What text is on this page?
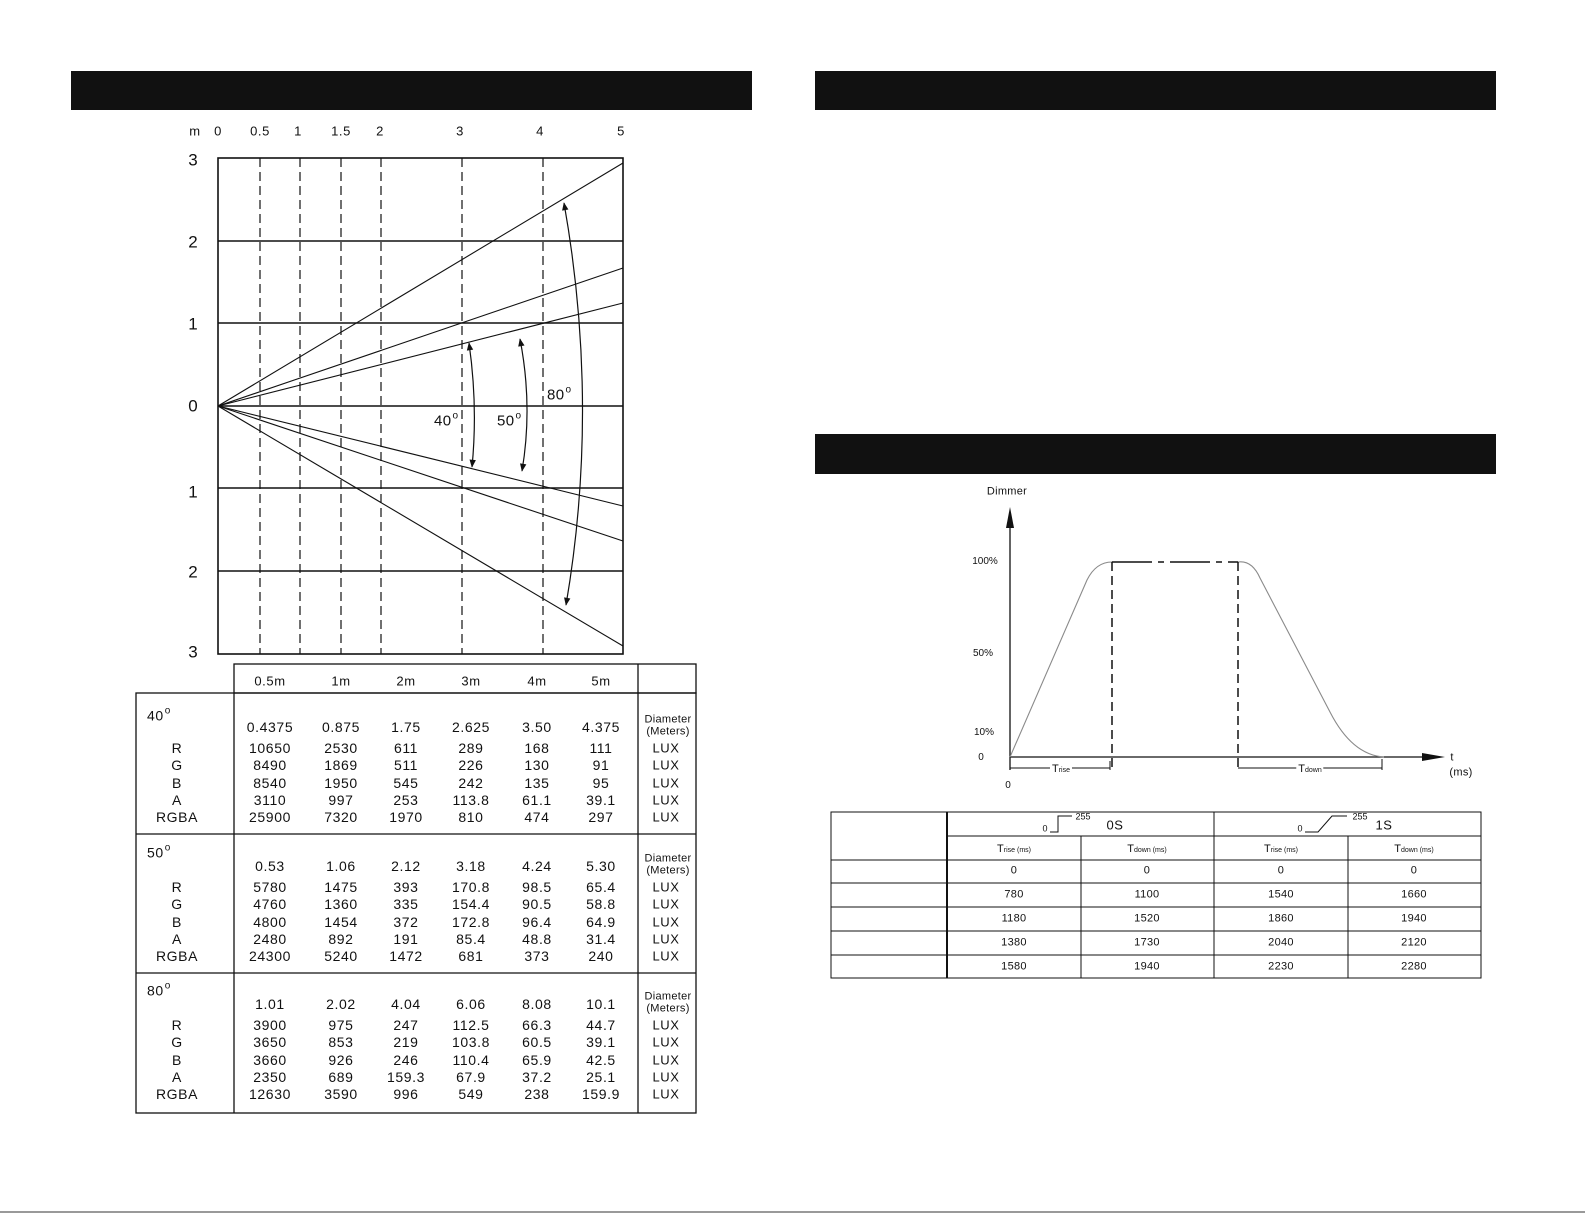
m 0 0.5 1 1.5 2	3	4	5
3
2
1
0
1
2
3
40$^o$	50$^o$
80$^o$
0.5m	1m	2m	3m	4m	5m
40$^o$
0.4375 0.875 1.75 2.625 3.50 4.375 Diameter
(Meters)
R	10650 2530	611	289	168	111	LUX
G	8490	1869	511	226	130	91	LUX
B	8540	1950	545	242	135	95	LUX
A	3110	997	253 113.8 61.1 39.1	LUX
RGBA	25900 7320 1970	810	474	297	LUX
50$^o$
0.53	1.06	2.12	3.18	4.24 5.30	Diameter
(Meters)
R	5780	1475	393 170.8 98.5 65.4	LUX
G	4760	1360	335 154.4 90.5 58.8	LUX
B	4800	1454	372 172.8 96.4 64.9	LUX
A	2480	892	191	85.4	48.8 31.4	LUX
RGBA	24300 5240 1472	681	373	240	LUX
80$^o$
1.01	2.02	4.04	6.06	8.08 10.1	Diameter
(Meters)
R	3900	975	247 112.5 66.3 44.7	LUX
G	3650	853	219 103.8 60.5 39.1	LUX
B	3660	926	246 110.4 65.9 42.5	LUX
A	2350	689 159.3 67.9	37.2 25.1	LUX
RGBA	12630 3590	996	549	238 159.9 LUX
Dimmer
100%
50%
10%
0
0
t
(ms)
Trise	Tdown
0
255
0S	0
255
1S
Trise (ms)	Tdown (ms)	Trise (ms)	Tdown (ms)
0	0	0	0
780	1100	1540	1660
1180	1520	1860	1940
1380	1730	2040	2120
1580	1940	2230	2280
